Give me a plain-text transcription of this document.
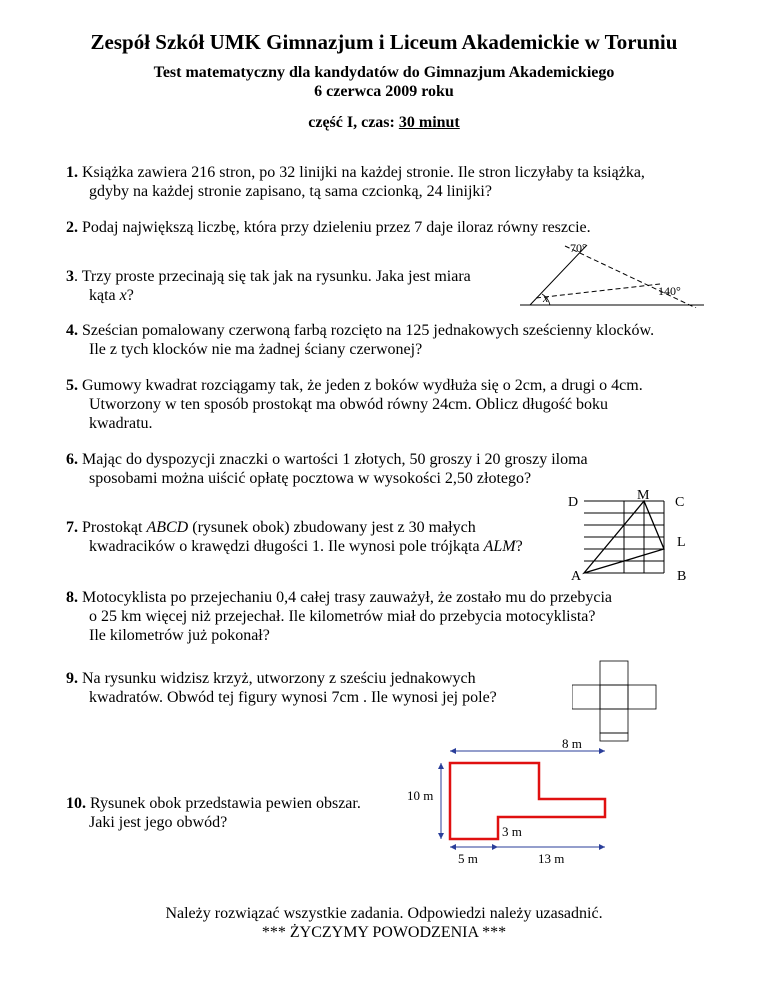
Zespół Szkół UMK Gimnazjum i Liceum Akademickie w Toruniu
Test matematyczny dla kandydatów do Gimnazjum Akademickiego
6 czerwca 2009 roku
część I, czas: 30 minut
1. Książka zawiera 216 stron, po 32 linijki na każdej stronie. Ile stron liczyłaby ta książka,
gdyby na każdej stronie zapisano, tą sama czcionką, 24 linijki?
2. Podaj największą liczbę, która przy dzieleniu przez 7 daje iloraz równy reszcie.
3. Trzy proste przecinają się tak jak na rysunku. Jaka jest miara
kąta x?
70°
140°
x
4. Sześcian pomalowany czerwoną farbą rozcięto na 125 jednakowych sześcienny klocków.
Ile z tych klocków nie ma żadnej ściany czerwonej?
5. Gumowy kwadrat rozciągamy tak, że jeden z boków wydłuża się o 2cm, a drugi o 4cm.
Utworzony w ten sposób prostokąt ma obwód równy 24cm. Oblicz długość boku
kwadratu.
6. Mając do dyspozycji znaczki o wartości 1 złotych, 50 groszy i 20 groszy iloma
sposobami można uiścić opłatę pocztowa w wysokości 2,50 złotego?
7. Prostokąt ABCD (rysunek obok) zbudowany jest z 30 małych
kwadracików o krawędzi długości 1. Ile wynosi pole trójkąta ALM?
D	M C
L
A	B
8. Motocyklista po przejechaniu 0,4 całej trasy zauważył, że zostało mu do przebycia
o 25 km więcej niż przejechał. Ile kilometrów miał do przebycia motocyklista?
Ile kilometrów już pokonał?
9. Na rysunku widzisz krzyż, utworzony z sześciu jednakowych
kwadratów. Obwód tej figury wynosi 7cm . Ile wynosi jej pole?
10. Rysunek obok przedstawia pewien obszar.
Jaki jest jego obwód?
8 m
10 m
3 m
5 m	13 m
Należy rozwiązać wszystkie zadania. Odpowiedzi należy uzasadnić.
*** ŻYCZYMY POWODZENIA ***
